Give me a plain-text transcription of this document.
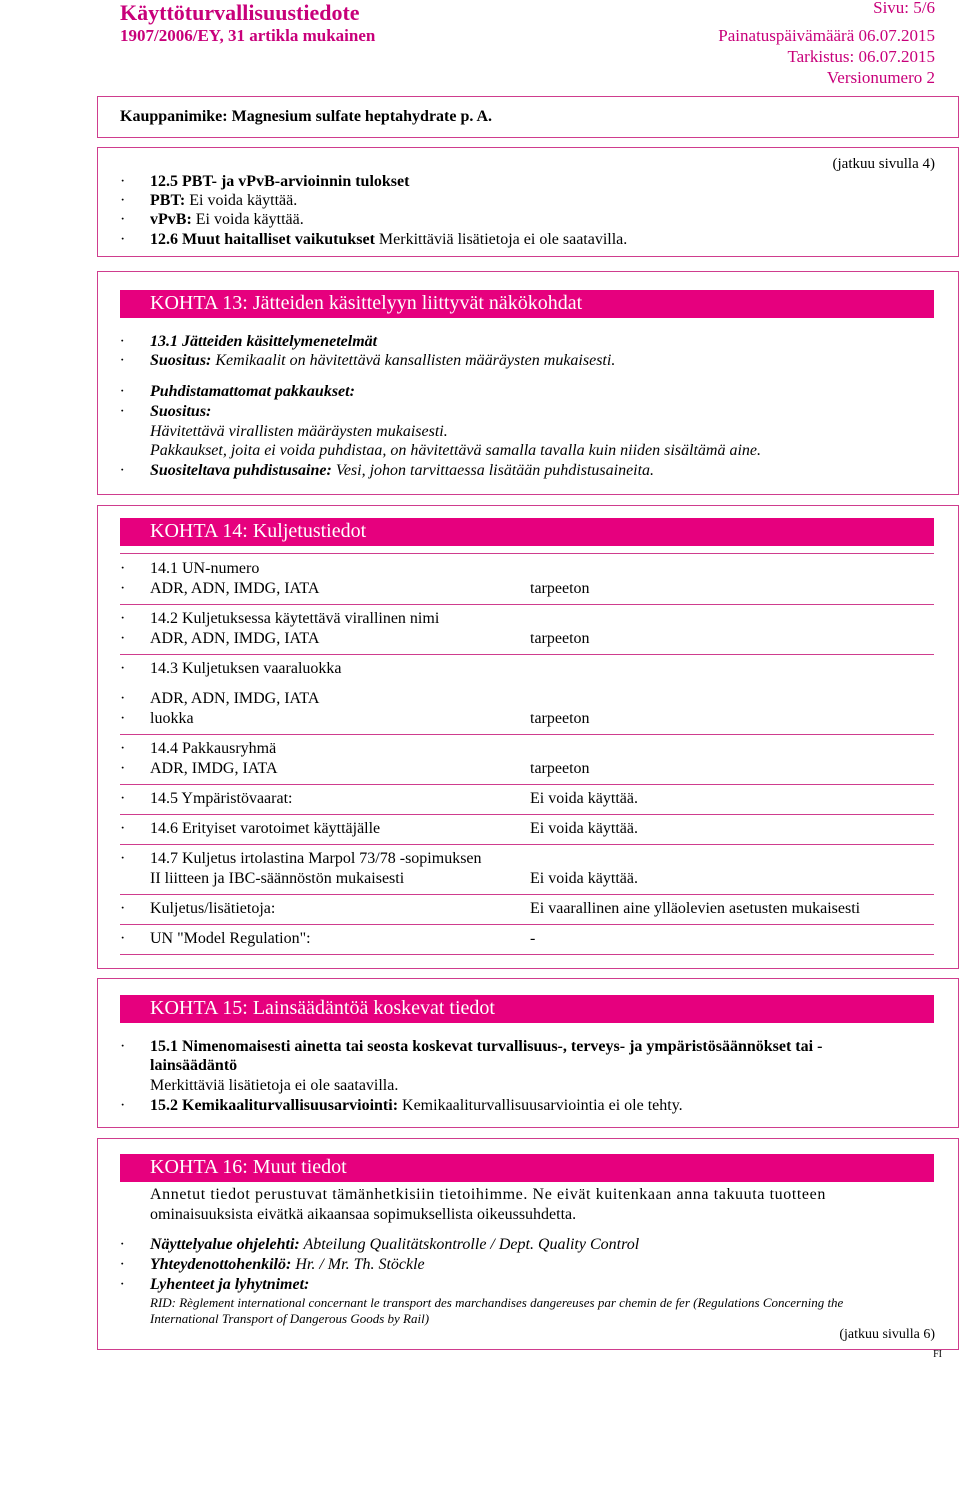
Käyttöturvallisuustiedote	Sivu: 5/6
1907/2006/EY, 31 artikla mukainen	Painatuspäivämäärä 06.07.2015
Tarkistus: 06.07.2015
Versionumero 2
Kauppanimike: Magnesium sulfate heptahydrate p. A.
(jatkuu sivulla 4)
· 12.5 PBT- ja vPvB-arvioinnin tulokset
· PBT: Ei voida käyttää.
· vPvB: Ei voida käyttää.
· 12.6 Muut haitalliset vaikutukset Merkittäviä lisätietoja ei ole saatavilla.
KOHTA 13: Jätteiden käsittelyyn liittyvät näkökohdat
· 13.1 Jätteiden käsittelymenetelmät
· Suositus: Kemikaalit on hävitettävä kansallisten määräysten mukaisesti.
· Puhdistamattomat pakkaukset:
· Suositus:
Hävitettävä virallisten määräysten mukaisesti.
Pakkaukset, joita ei voida puhdistaa, on hävitettävä samalla tavalla kuin niiden sisältämä aine.
· Suositeltava puhdistusaine: Vesi, johon tarvittaessa lisätään puhdistusaineita.
KOHTA 14: Kuljetustiedot
· 14.1 UN-numero
· ADR, ADN, IMDG, IATA	tarpeeton
· 14.2 Kuljetuksessa käytettävä virallinen nimi
· ADR, ADN, IMDG, IATA	tarpeeton
· 14.3 Kuljetuksen vaaraluokka
· ADR, ADN, IMDG, IATA
· luokka	tarpeeton
· 14.4 Pakkausryhmä
· ADR, IMDG, IATA	tarpeeton
· 14.5 Ympäristövaarat:	Ei voida käyttää.
· 14.6 Erityiset varotoimet käyttäjälle	Ei voida käyttää.
· 14.7 Kuljetus irtolastina Marpol 73/78 -sopimuksen
II liitteen ja IBC-säännöstön mukaisesti	Ei voida käyttää.
· Kuljetus/lisätietoja:	Ei vaarallinen aine ylläolevien asetusten mukaisesti
· UN "Model Regulation":	-
KOHTA 15: Lainsäädäntöä koskevat tiedot
· 15.1 Nimenomaisesti ainetta tai seosta koskevat turvallisuus-, terveys- ja ympäristösäännökset tai -
lainsäädäntö
Merkittäviä lisätietoja ei ole saatavilla.
· 15.2 Kemikaaliturvallisuusarviointi: Kemikaaliturvallisuusarviointia ei ole tehty.
KOHTA 16: Muut tiedot
Annetut tiedot perustuvat tämänhetkisiin tietoihimme. Ne eivät kuitenkaan anna takuuta tuotteen
ominaisuuksista eivätkä aikaansaa sopimuksellista oikeussuhdetta.
· Näyttelyalue ohjelehti: Abteilung Qualitätskontrolle / Dept. Quality Control
· Yhteydenottohenkilö: Hr. / Mr. Th. Stöckle
· Lyhenteet ja lyhytnimet:
RID: Règlement international concernant le transport des marchandises dangereuses par chemin de fer (Regulations Concerning the
International Transport of Dangerous Goods by Rail)
(jatkuu sivulla 6)
FI
